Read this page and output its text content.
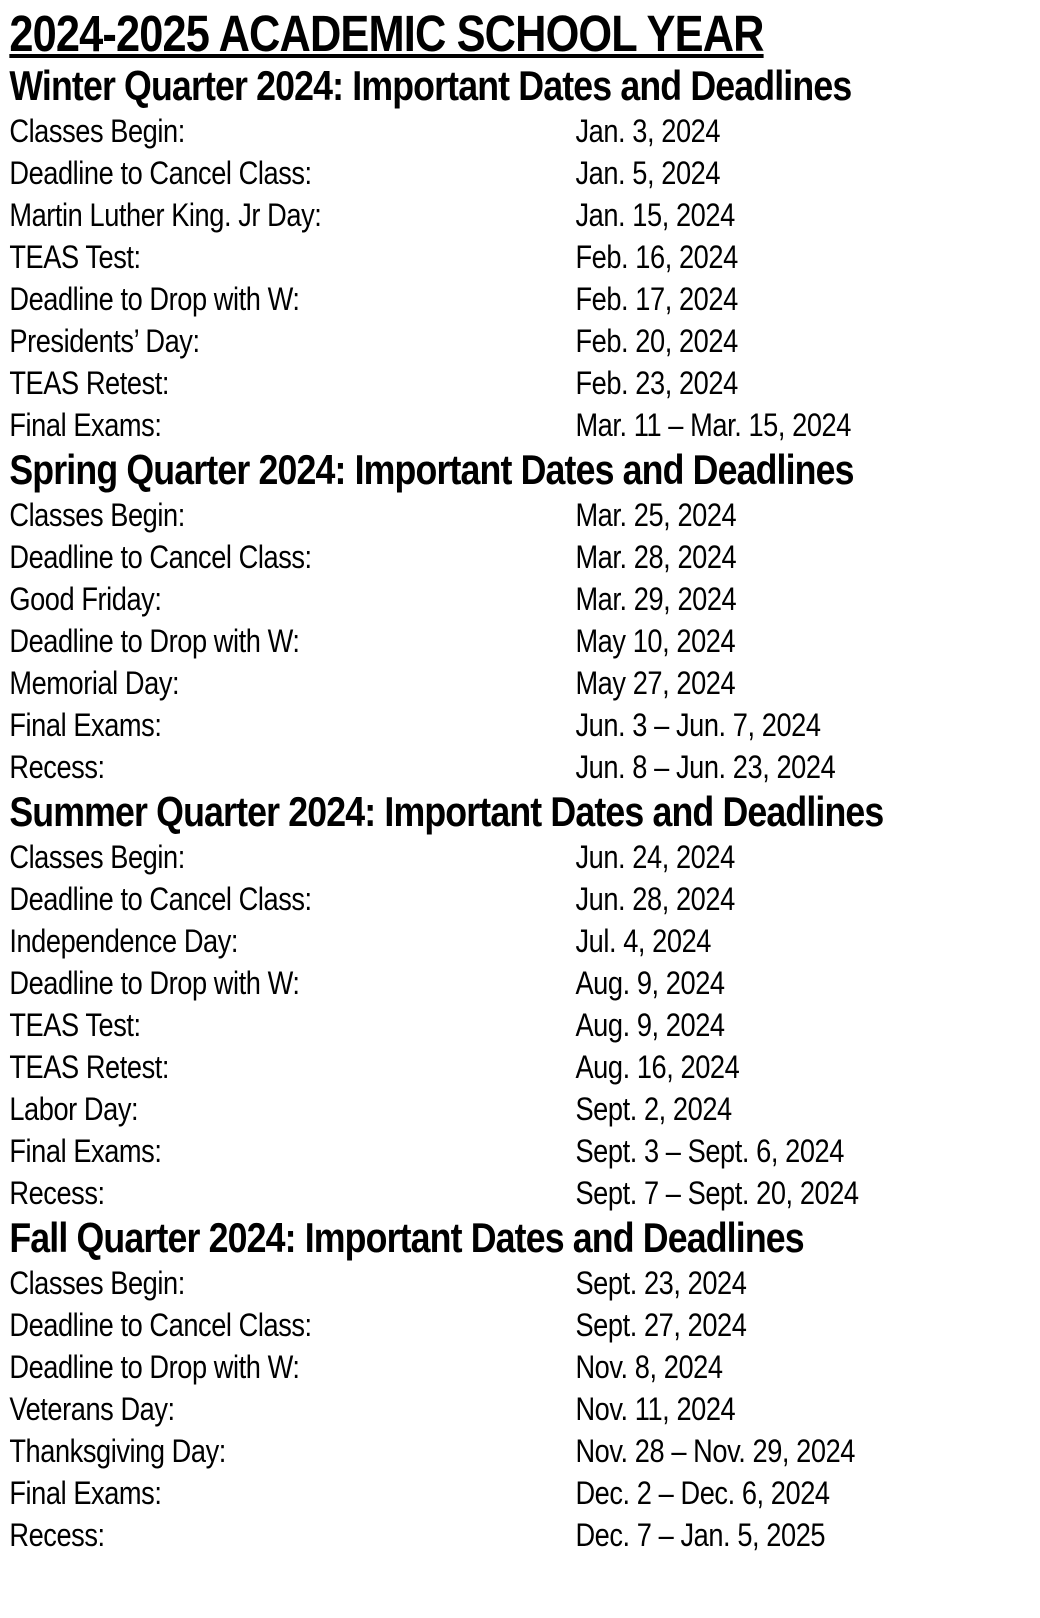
2024-2025 ACADEMIC SCHOOL YEAR
Winter Quarter 2024: Important Dates and Deadlines
Classes Begin:	Jan. 3, 2024
Deadline to Cancel Class:	Jan. 5, 2024
Martin Luther King. Jr Day:	Jan. 15, 2024
TEAS Test:	Feb. 16, 2024
Deadline to Drop with W:	Feb. 17, 2024
Presidents’ Day:	Feb. 20, 2024
TEAS Retest:	Feb. 23, 2024
Final Exams:	Mar. 11 – Mar. 15, 2024
Spring Quarter 2024: Important Dates and Deadlines
Classes Begin:	Mar. 25, 2024
Deadline to Cancel Class:	Mar. 28, 2024
Good Friday:	Mar. 29, 2024
Deadline to Drop with W:	May 10, 2024
Memorial Day:	May 27, 2024
Final Exams:	Jun. 3 – Jun. 7, 2024
Recess:	Jun. 8 – Jun. 23, 2024
Summer Quarter 2024: Important Dates and Deadlines
Classes Begin:	Jun. 24, 2024
Deadline to Cancel Class:	Jun. 28, 2024
Independence Day:	Jul. 4, 2024
Deadline to Drop with W:	Aug. 9, 2024
TEAS Test:	Aug. 9, 2024
TEAS Retest:	Aug. 16, 2024
Labor Day:	Sept. 2, 2024
Final Exams:	Sept. 3 – Sept. 6, 2024
Recess:	Sept. 7 – Sept. 20, 2024
Fall Quarter 2024: Important Dates and Deadlines
Classes Begin:	Sept. 23, 2024
Deadline to Cancel Class:	Sept. 27, 2024
Deadline to Drop with W:	Nov. 8, 2024
Veterans Day:	Nov. 11, 2024
Thanksgiving Day:	Nov. 28 – Nov. 29, 2024
Final Exams:	Dec. 2 – Dec. 6, 2024
Recess:	Dec. 7 – Jan. 5, 2025
